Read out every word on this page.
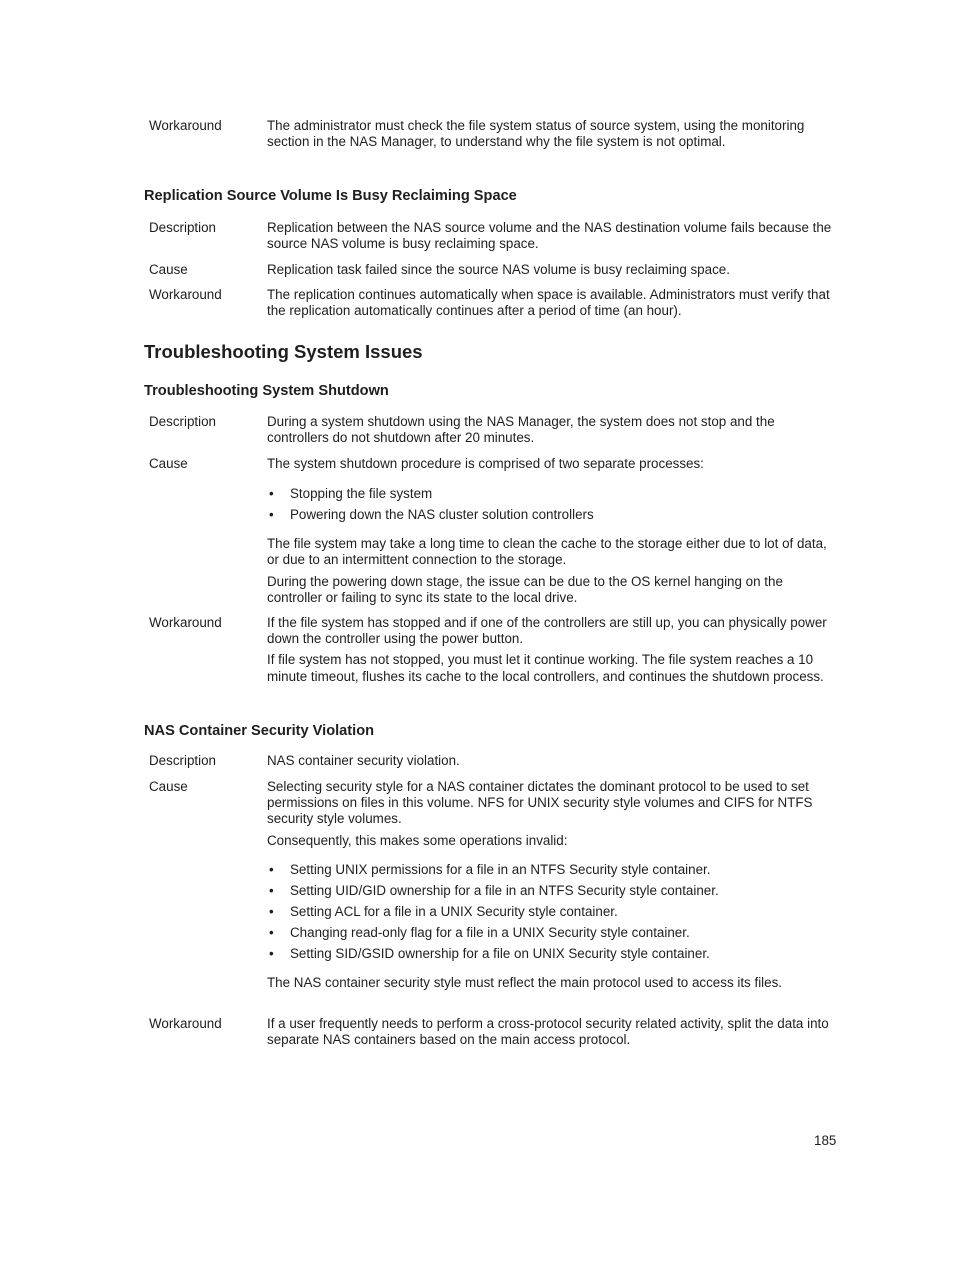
Workaround	The administrator must check the file system status of source system, using the monitoring section in the NAS Manager, to understand why the file system is not optimal.

Replication Source Volume Is Busy Reclaiming Space
Description	Replication between the NAS source volume and the NAS destination volume fails because the source NAS volume is busy reclaiming space.

Cause	Replication task failed since the source NAS volume is busy reclaiming space.

Workaround	The replication continues automatically when space is available. Administrators must verify that the replication automatically continues after a period of time (an hour).

Troubleshooting System Issues
Troubleshooting System Shutdown
Description	During a system shutdown using the NAS Manager, the system does not stop and the controllers do not shutdown after 20 minutes.

Cause	The system shutdown procedure is comprised of two separate processes:

• Stopping the file system
• Powering down the NAS cluster solution controllers

The file system may take a long time to clean the cache to the storage either due to lot of data, or due to an intermittent connection to the storage.

During the powering down stage, the issue can be due to the OS kernel hanging on the controller or failing to sync its state to the local drive.

Workaround	If the file system has stopped and if one of the controllers are still up, you can physically power down the controller using the power button.

If file system has not stopped, you must let it continue working. The file system reaches a 10 minute timeout, flushes its cache to the local controllers, and continues the shutdown process.

NAS Container Security Violation
Description	NAS container security violation.

Cause	Selecting security style for a NAS container dictates the dominant protocol to be used to set permissions on files in this volume. NFS for UNIX security style volumes and CIFS for NTFS security style volumes.

Consequently, this makes some operations invalid:

• Setting UNIX permissions for a file in an NTFS Security style container.
• Setting UID/GID ownership for a file in an NTFS Security style container.
• Setting ACL for a file in a UNIX Security style container.
• Changing read-only flag for a file in a UNIX Security style container.
• Setting SID/GSID ownership for a file on UNIX Security style container.

The NAS container security style must reflect the main protocol used to access its files.

Workaround	If a user frequently needs to perform a cross-protocol security related activity, split the data into separate NAS containers based on the main access protocol.

185
